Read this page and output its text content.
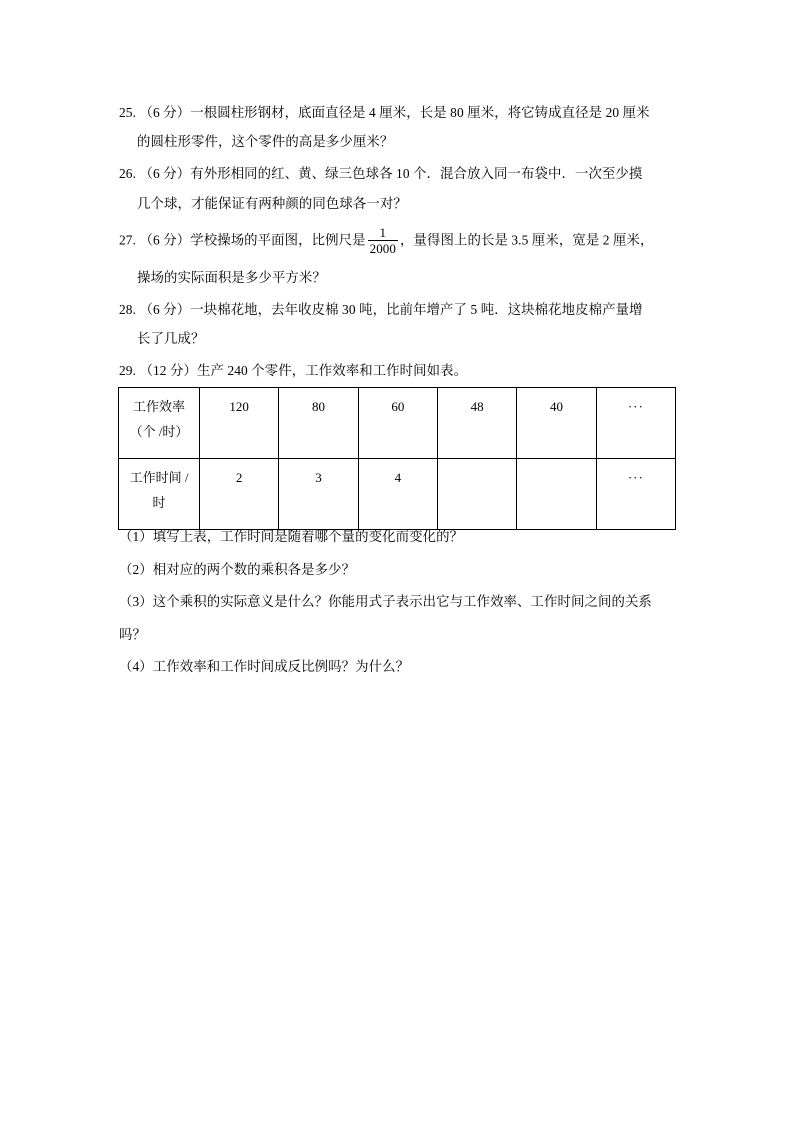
25. （6 分）一根圆柱形钢材，底面直径是 4 厘米，长是 80 厘米，将它铸成直径是 20 厘米
的圆柱形零件，这个零件的高是多少厘米？
26. （6 分）有外形相同的红、黄、绿三色球各 10 个．混合放入同一布袋中．一次至少摸
几个球，才能保证有两种颜的同色球各一对？
27. （6 分）学校操场的平面图，比例尺是 $\frac{1}{2000}$ ，量得图上的长是 3.5 厘米，宽是 2 厘米，
操场的实际面积是多少平方米？
28. （6 分）一块棉花地，去年收皮棉 30 吨，比前年增产了 5 吨．这块棉花地皮棉产量增
长了几成？
29. （12 分）生产 240 个零件，工作效率和工作时间如表。
工作效率
（个 /时）	120	80	60	48	40	···
工作时间 /
时	2	3	4			···
（1）填写上表，工作时间是随着哪个量的变化而变化的？
（2）相对应的两个数的乘积各是多少？
（3）这个乘积的实际意义是什么？你能用式子表示出它与工作效率、工作时间之间的关系
吗？
（4）工作效率和工作时间成反比例吗？为什么？
